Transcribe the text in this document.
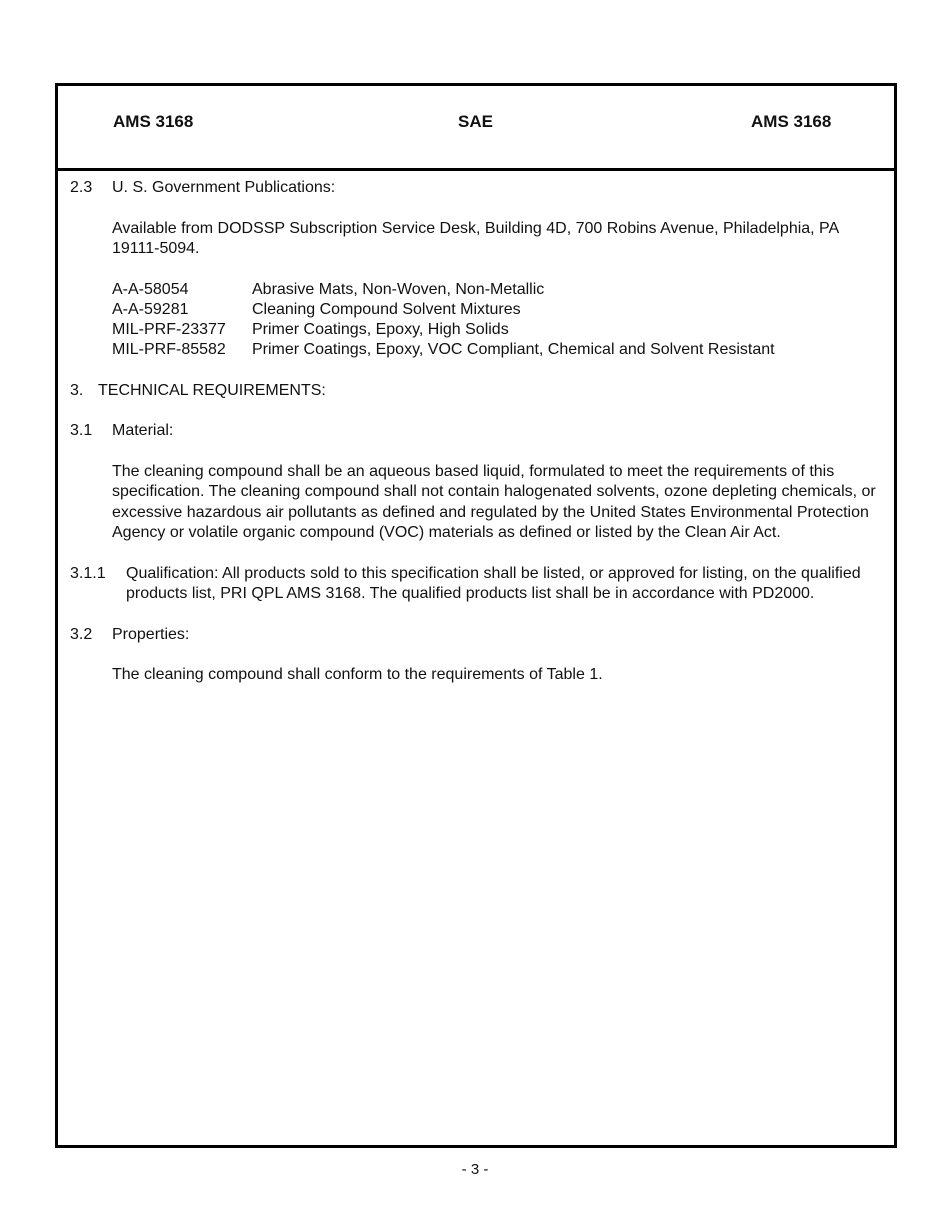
AMS 3168	SAE	AMS 3168
2.3 U. S. Government Publications:
Available from DODSSP Subscription Service Desk, Building 4D, 700 Robins Avenue, Philadelphia, PA 19111-5094.
A-A-58054	Abrasive Mats, Non-Woven, Non-Metallic
A-A-59281	Cleaning Compound Solvent Mixtures
MIL-PRF-23377 Primer Coatings, Epoxy, High Solids
MIL-PRF-85582 Primer Coatings, Epoxy, VOC Compliant, Chemical and Solvent Resistant
3. TECHNICAL REQUIREMENTS:
3.1 Material:
The cleaning compound shall be an aqueous based liquid, formulated to meet the requirements of this specification. The cleaning compound shall not contain halogenated solvents, ozone depleting chemicals, or excessive hazardous air pollutants as defined and regulated by the United States Environmental Protection Agency or volatile organic compound (VOC) materials as defined or listed by the Clean Air Act.
3.1.1 Qualification: All products sold to this specification shall be listed, or approved for listing, on the qualified products list, PRI QPL AMS 3168. The qualified products list shall be in accordance with PD2000.
3.2 Properties:
The cleaning compound shall conform to the requirements of Table 1.
- 3 -
